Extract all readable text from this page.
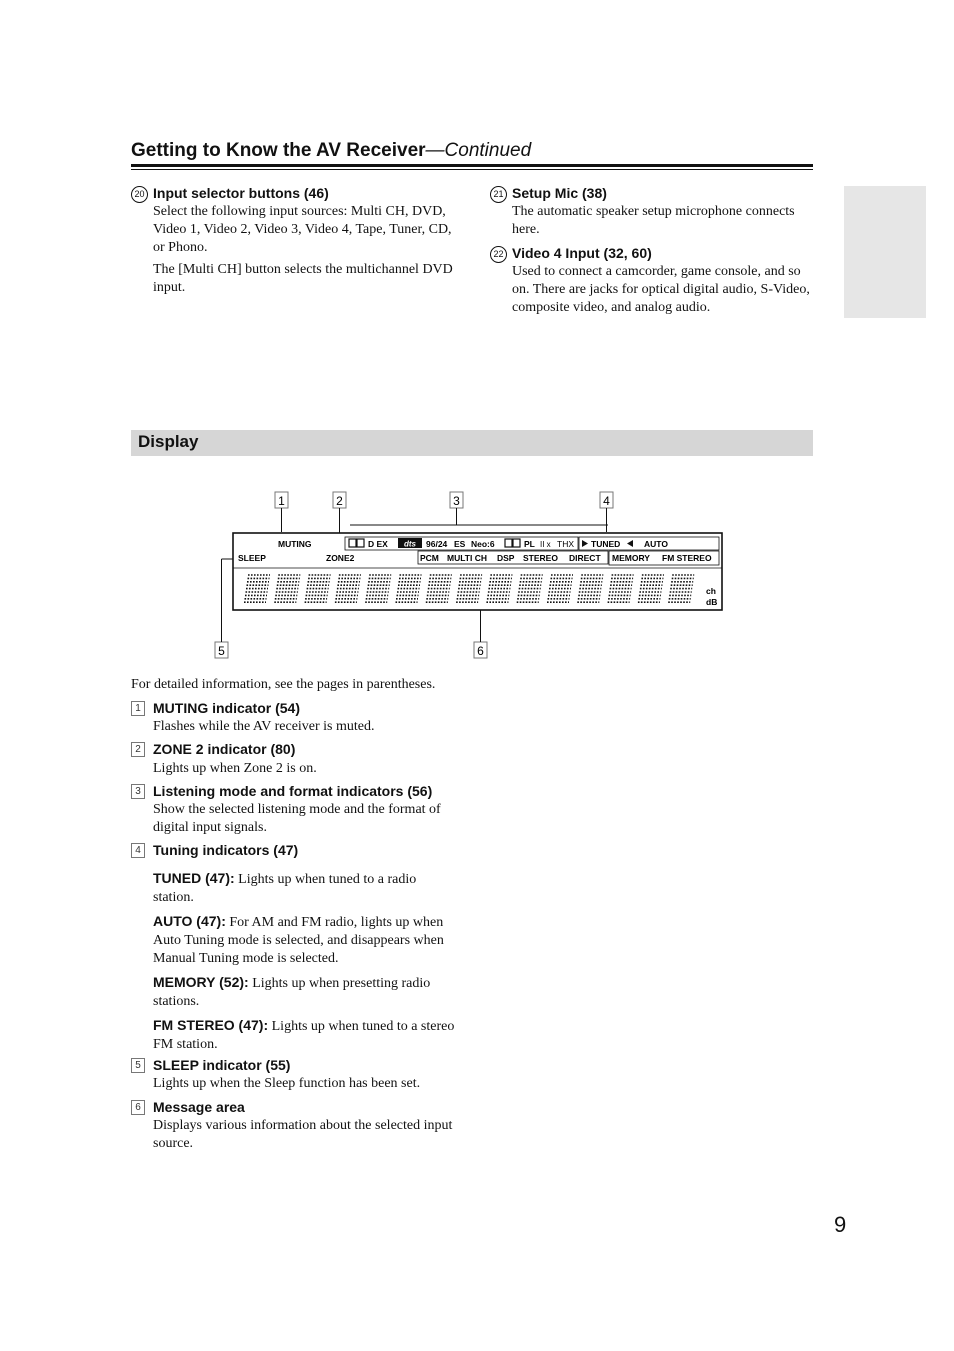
Getting to Know the AV Receiver—Continued
20 Input selector buttons (46)

Select the following input sources: Multi CH, DVD, Video 1, Video 2, Video 3, Video 4, Tape, Tuner, CD, or Phono.

The [Multi CH] button selects the multichannel DVD input.

21 Setup Mic (38)

The automatic speaker setup microphone connects here.

22 Video 4 Input (32, 60)

Used to connect a camcorder, game console, and so on. There are jacks for optical digital audio, S-Video, composite video, and analog audio.

Display
1	2	3	4
5	6
MUTING	D EX dts 96/24 ES Neo:6	PL II x THX TUNED	AUTO
SLEEP	ZONE2	PCM MULTI CH DSP STEREO DIRECT MEMORY FM STEREO
ch
dB
For detailed information, see the pages in parentheses.
1 MUTING indicator (54)
Flashes while the AV receiver is muted.
2 ZONE 2 indicator (80)
Lights up when Zone 2 is on.
3 Listening mode and format indicators (56)
Show the selected listening mode and the format of digital input signals.
4 Tuning indicators (47)
TUNED (47): Lights up when tuned to a radio station.
AUTO (47): For AM and FM radio, lights up when Auto Tuning mode is selected, and disappears when Manual Tuning mode is selected.
MEMORY (52): Lights up when presetting radio stations.
FM STEREO (47): Lights up when tuned to a stereo FM station.
5 SLEEP indicator (55)
Lights up when the Sleep function has been set.
6 Message area
Displays various information about the selected input source.
9
